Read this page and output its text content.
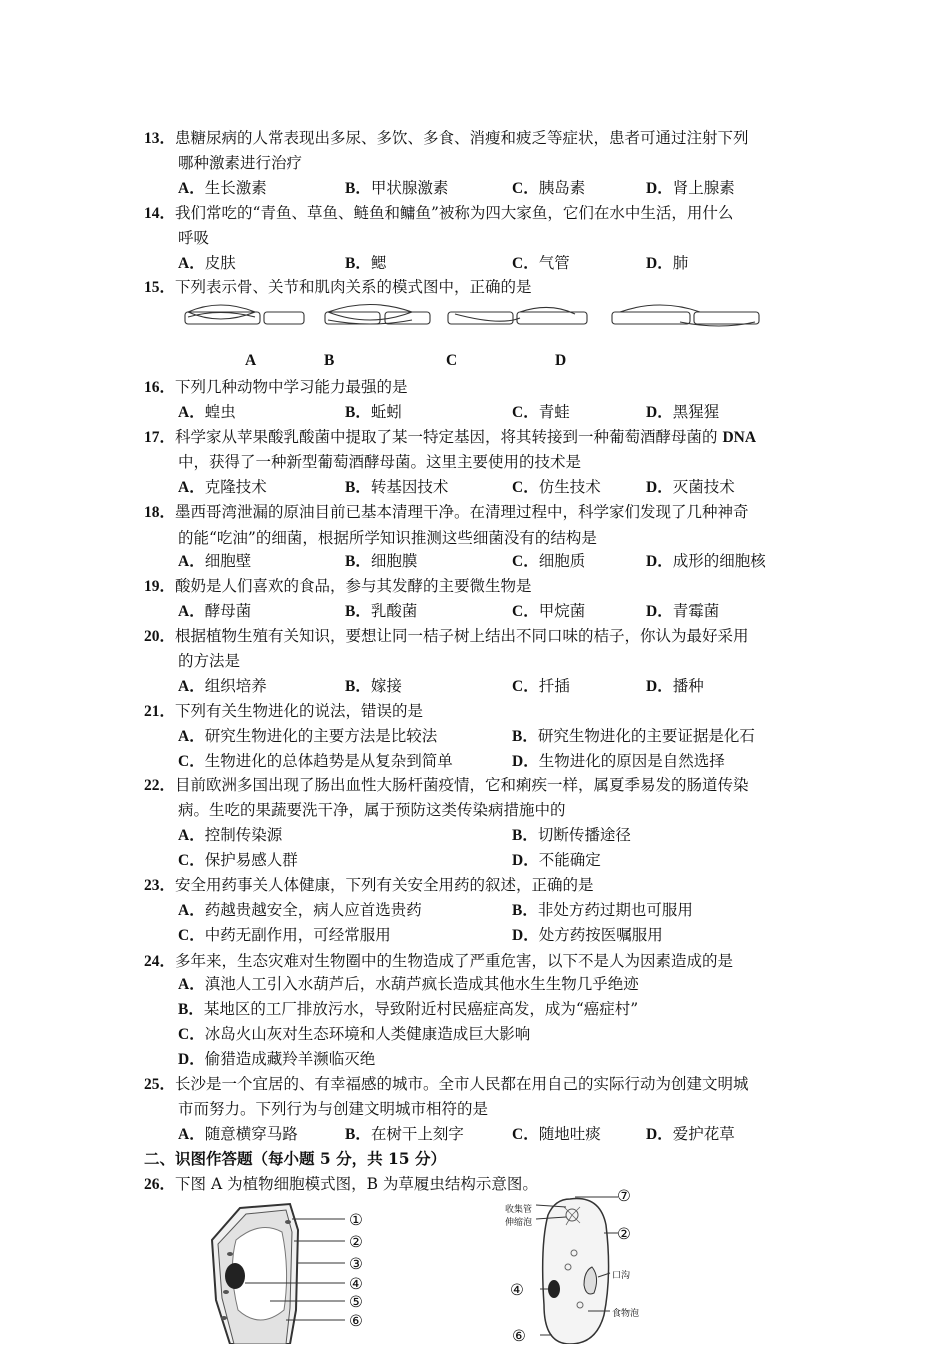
13．患糖尿病的人常表现出多尿、多饮、多食、消瘦和疲乏等症状，患者可通过注射下列
哪种激素进行治疗
A．生长激素	B．甲状腺激素	C．胰岛素	D．肾上腺素
14．我们常吃的“青鱼、草鱼、鲢鱼和鳙鱼”被称为四大家鱼，它们在水中生活，用什么
呼吸
A．皮肤	B．鳃	C．气管	D．肺
15．下列表示骨、关节和肌肉关系的模式图中，正确的是
A	B	C	D
16．下列几种动物中学习能力最强的是
A．蝗虫	B．蚯蚓	C．青蛙	D．黑猩猩
17．科学家从苹果酸乳酸菌中提取了某一特定基因，将其转接到一种葡萄酒酵母菌的 DNA
中，获得了一种新型葡萄酒酵母菌。这里主要使用的技术是
A．克隆技术	B．转基因技术	C．仿生技术	D．灭菌技术
18．墨西哥湾泄漏的原油目前已基本清理干净。在清理过程中，科学家们发现了几种神奇
的能“吃油”的细菌，根据所学知识推测这些细菌没有的结构是
A．细胞壁	B．细胞膜	C．细胞质	D．成形的细胞核
19．酸奶是人们喜欢的食品，参与其发酵的主要微生物是
A．酵母菌	B．乳酸菌	C．甲烷菌	D．青霉菌
20．根据植物生殖有关知识，要想让同一桔子树上结出不同口味的桔子，你认为最好采用
的方法是
A．组织培养	B．嫁接	C．扦插	D．播种
21．下列有关生物进化的说法，错误的是
A．研究生物进化的主要方法是比较法	B．研究生物进化的主要证据是化石
C．生物进化的总体趋势是从复杂到简单	D．生物进化的原因是自然选择
22．目前欧洲多国出现了肠出血性大肠杆菌疫情，它和痢疾一样，属夏季易发的肠道传染
病。生吃的果蔬要洗干净，属于预防这类传染病措施中的
A．控制传染源	B．切断传播途径
C．保护易感人群	D．不能确定
23．安全用药事关人体健康，下列有关安全用药的叙述，正确的是
A．药越贵越安全，病人应首选贵药	B．非处方药过期也可服用
C．中药无副作用，可经常服用	D．处方药按医嘱服用
24．多年来，生态灾难对生物圈中的生物造成了严重危害，以下不是人为因素造成的是
A．滇池人工引入水葫芦后，水葫芦疯长造成其他水生生物几乎绝迹
B．某地区的工厂排放污水，导致附近村民癌症高发，成为“癌症村”
C．冰岛火山灰对生态环境和人类健康造成巨大影响
D．偷猎造成藏羚羊濒临灭绝
25．长沙是一个宜居的、有幸福感的城市。全市人民都在用自己的实际行动为创建文明城
市而努力。下列行为与创建文明城市相符的是
A．随意横穿马路	B．在树干上刻字	C．随地吐痰	D．爱护花草
二、识图作答题（每小题 5 分，共 15 分）
26．下图 A 为植物细胞模式图，B 为草履虫结构示意图。
①
②
③
④
⑤
⑥
⑦
②
④
⑥
收集管
伸缩泡
口沟
食物泡
